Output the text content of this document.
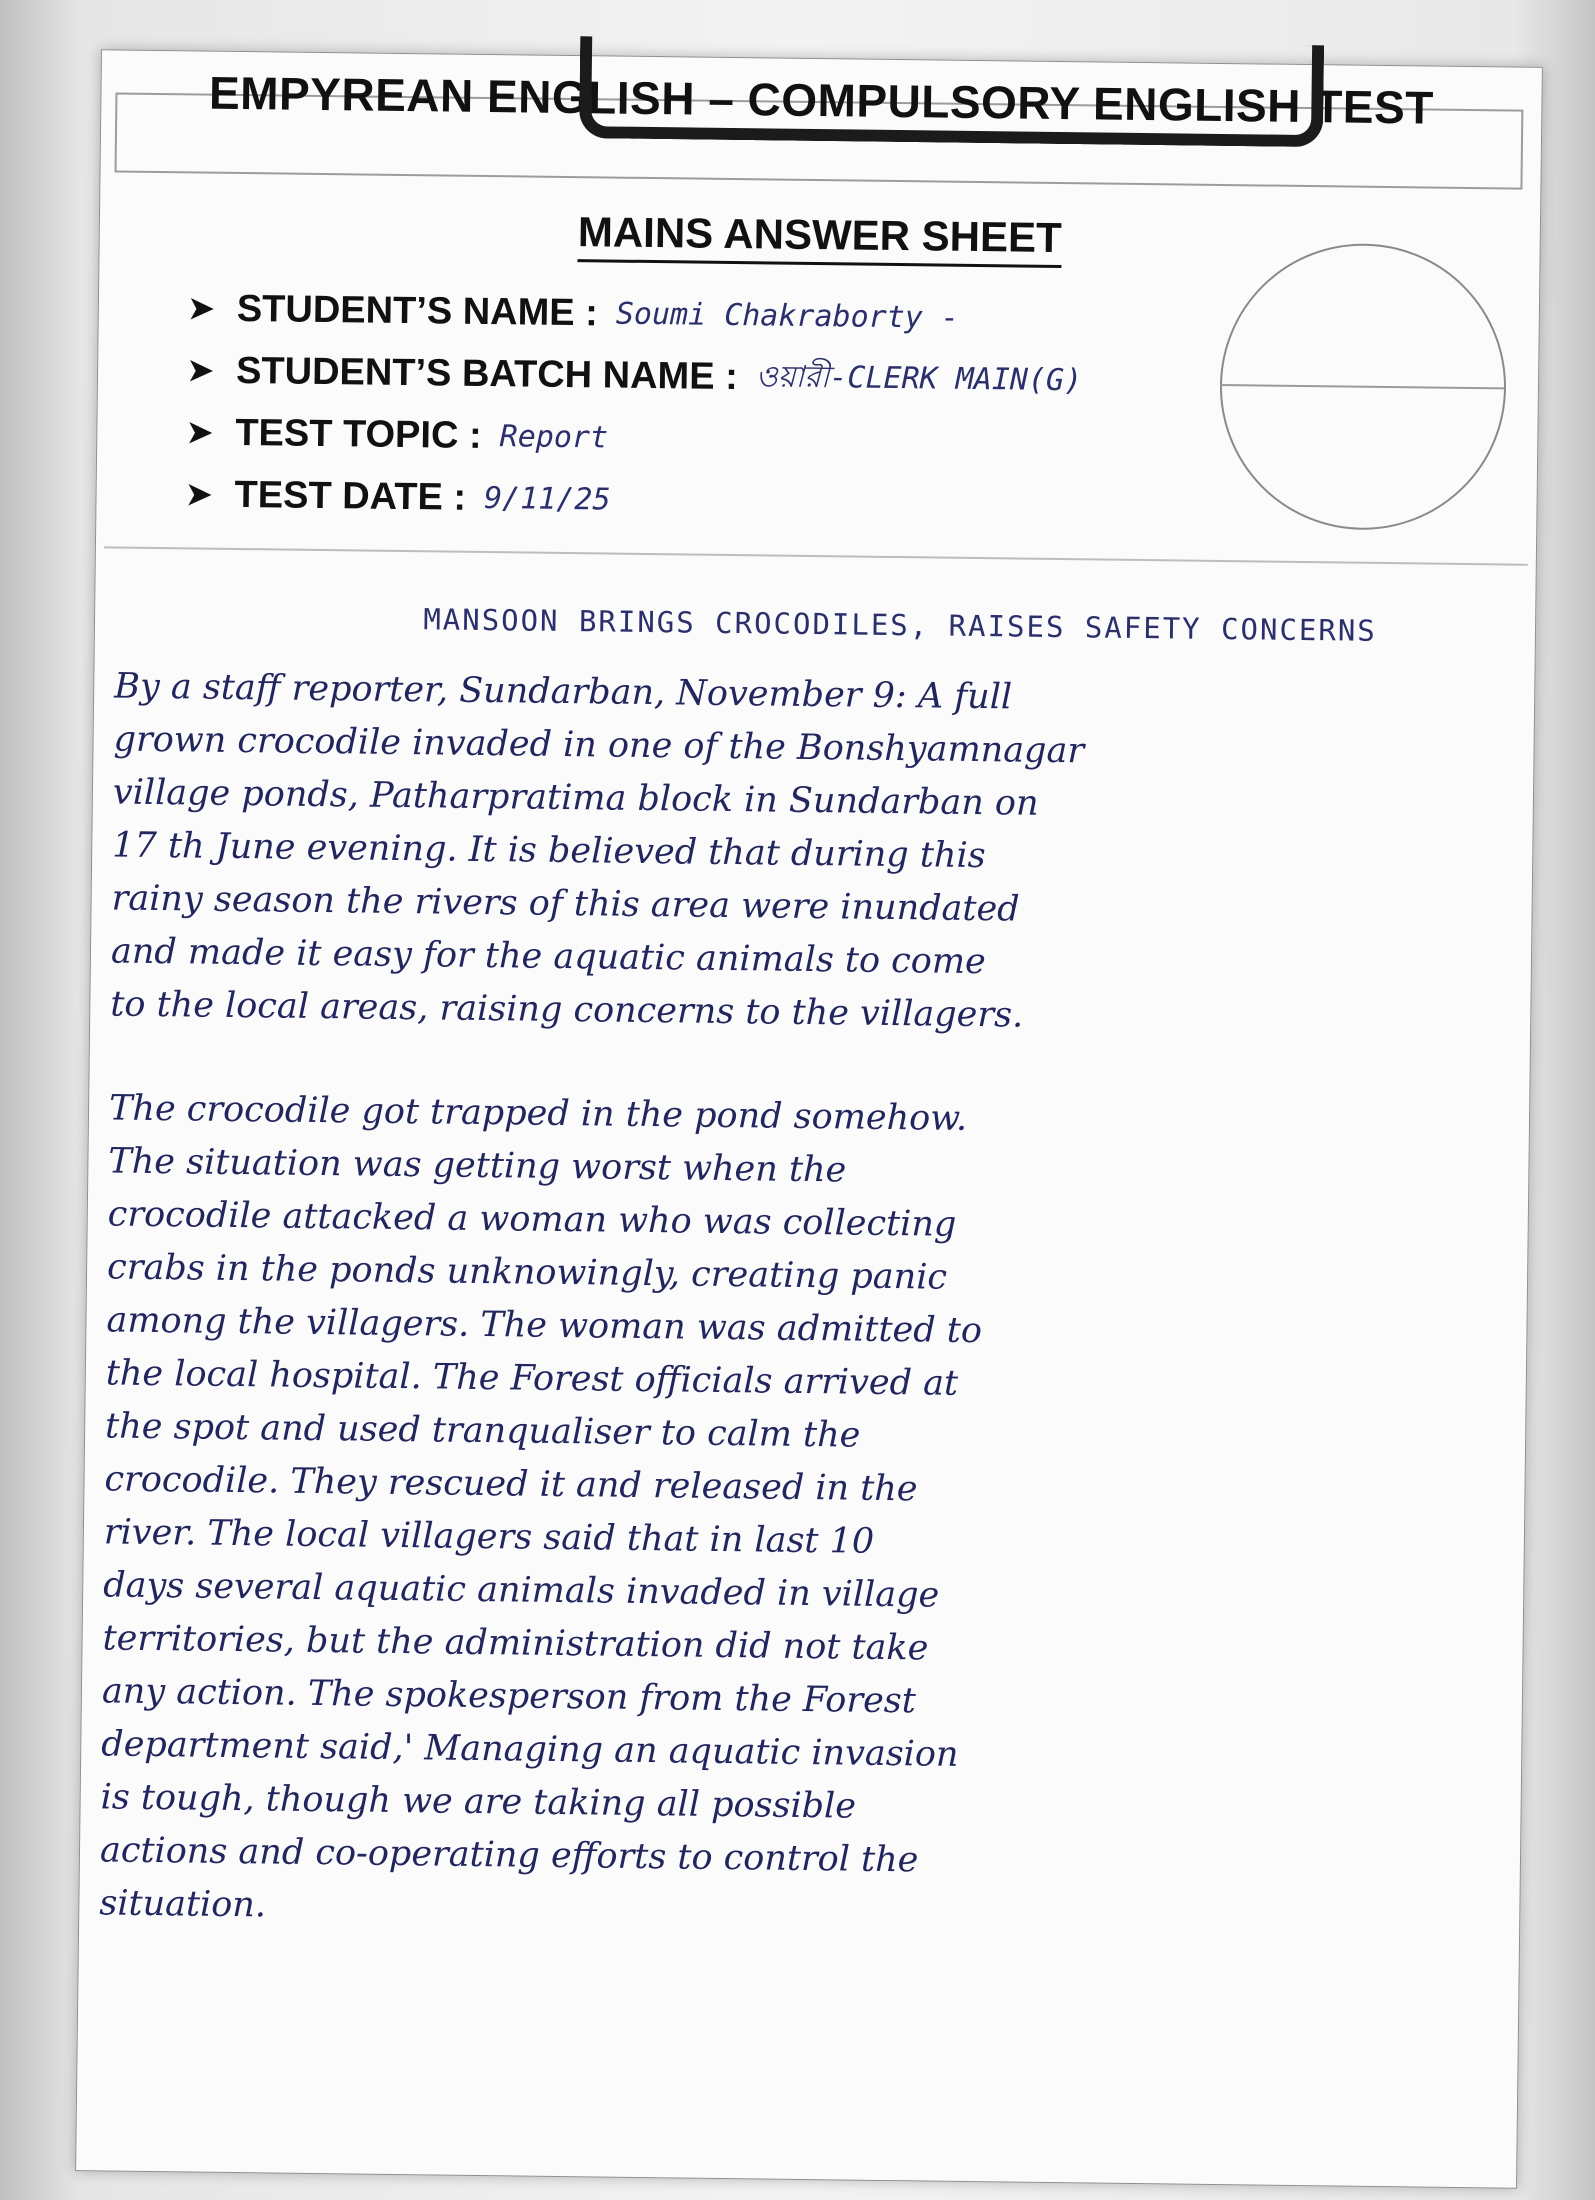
EMPYREAN ENGLISH – COMPULSORY ENGLISH TEST
MAINS ANSWER SHEET
➤ STUDENT’S NAME : Soumi Chakraborty -
➤ STUDENT’S BATCH NAME : ওয়ারী-CLERK MAIN(G)
➤ TEST TOPIC : Report
➤ TEST DATE : 9/11/25
MANSOON BRINGS CROCODILES, RAISES SAFETY CONCERNS
By a staff reporter, Sundarban, November 9: A full
grown crocodile invaded in one of the Bonshyamnagar
village ponds, Patharpratima block in Sundarban on
17 th June evening. It is believed that during this
rainy season the rivers of this area were inundated
and made it easy for the aquatic animals to come
to the local areas, raising concerns to the villagers.
The crocodile got trapped in the pond somehow.
The situation was getting worst when the
crocodile attacked a woman who was collecting
crabs in the ponds unknowingly, creating panic
among the villagers. The woman was admitted to
the local hospital. The Forest officials arrived at
the spot and used tranqualiser to calm the
crocodile. They rescued it and released in the
river. The local villagers said that in last 10
days several aquatic animals invaded in village
territories, but the administration did not take
any action. The spokesperson from the Forest
department said,' Managing an aquatic invasion
is tough, though we are taking all possible
actions and co-operating efforts to control the
situation.
